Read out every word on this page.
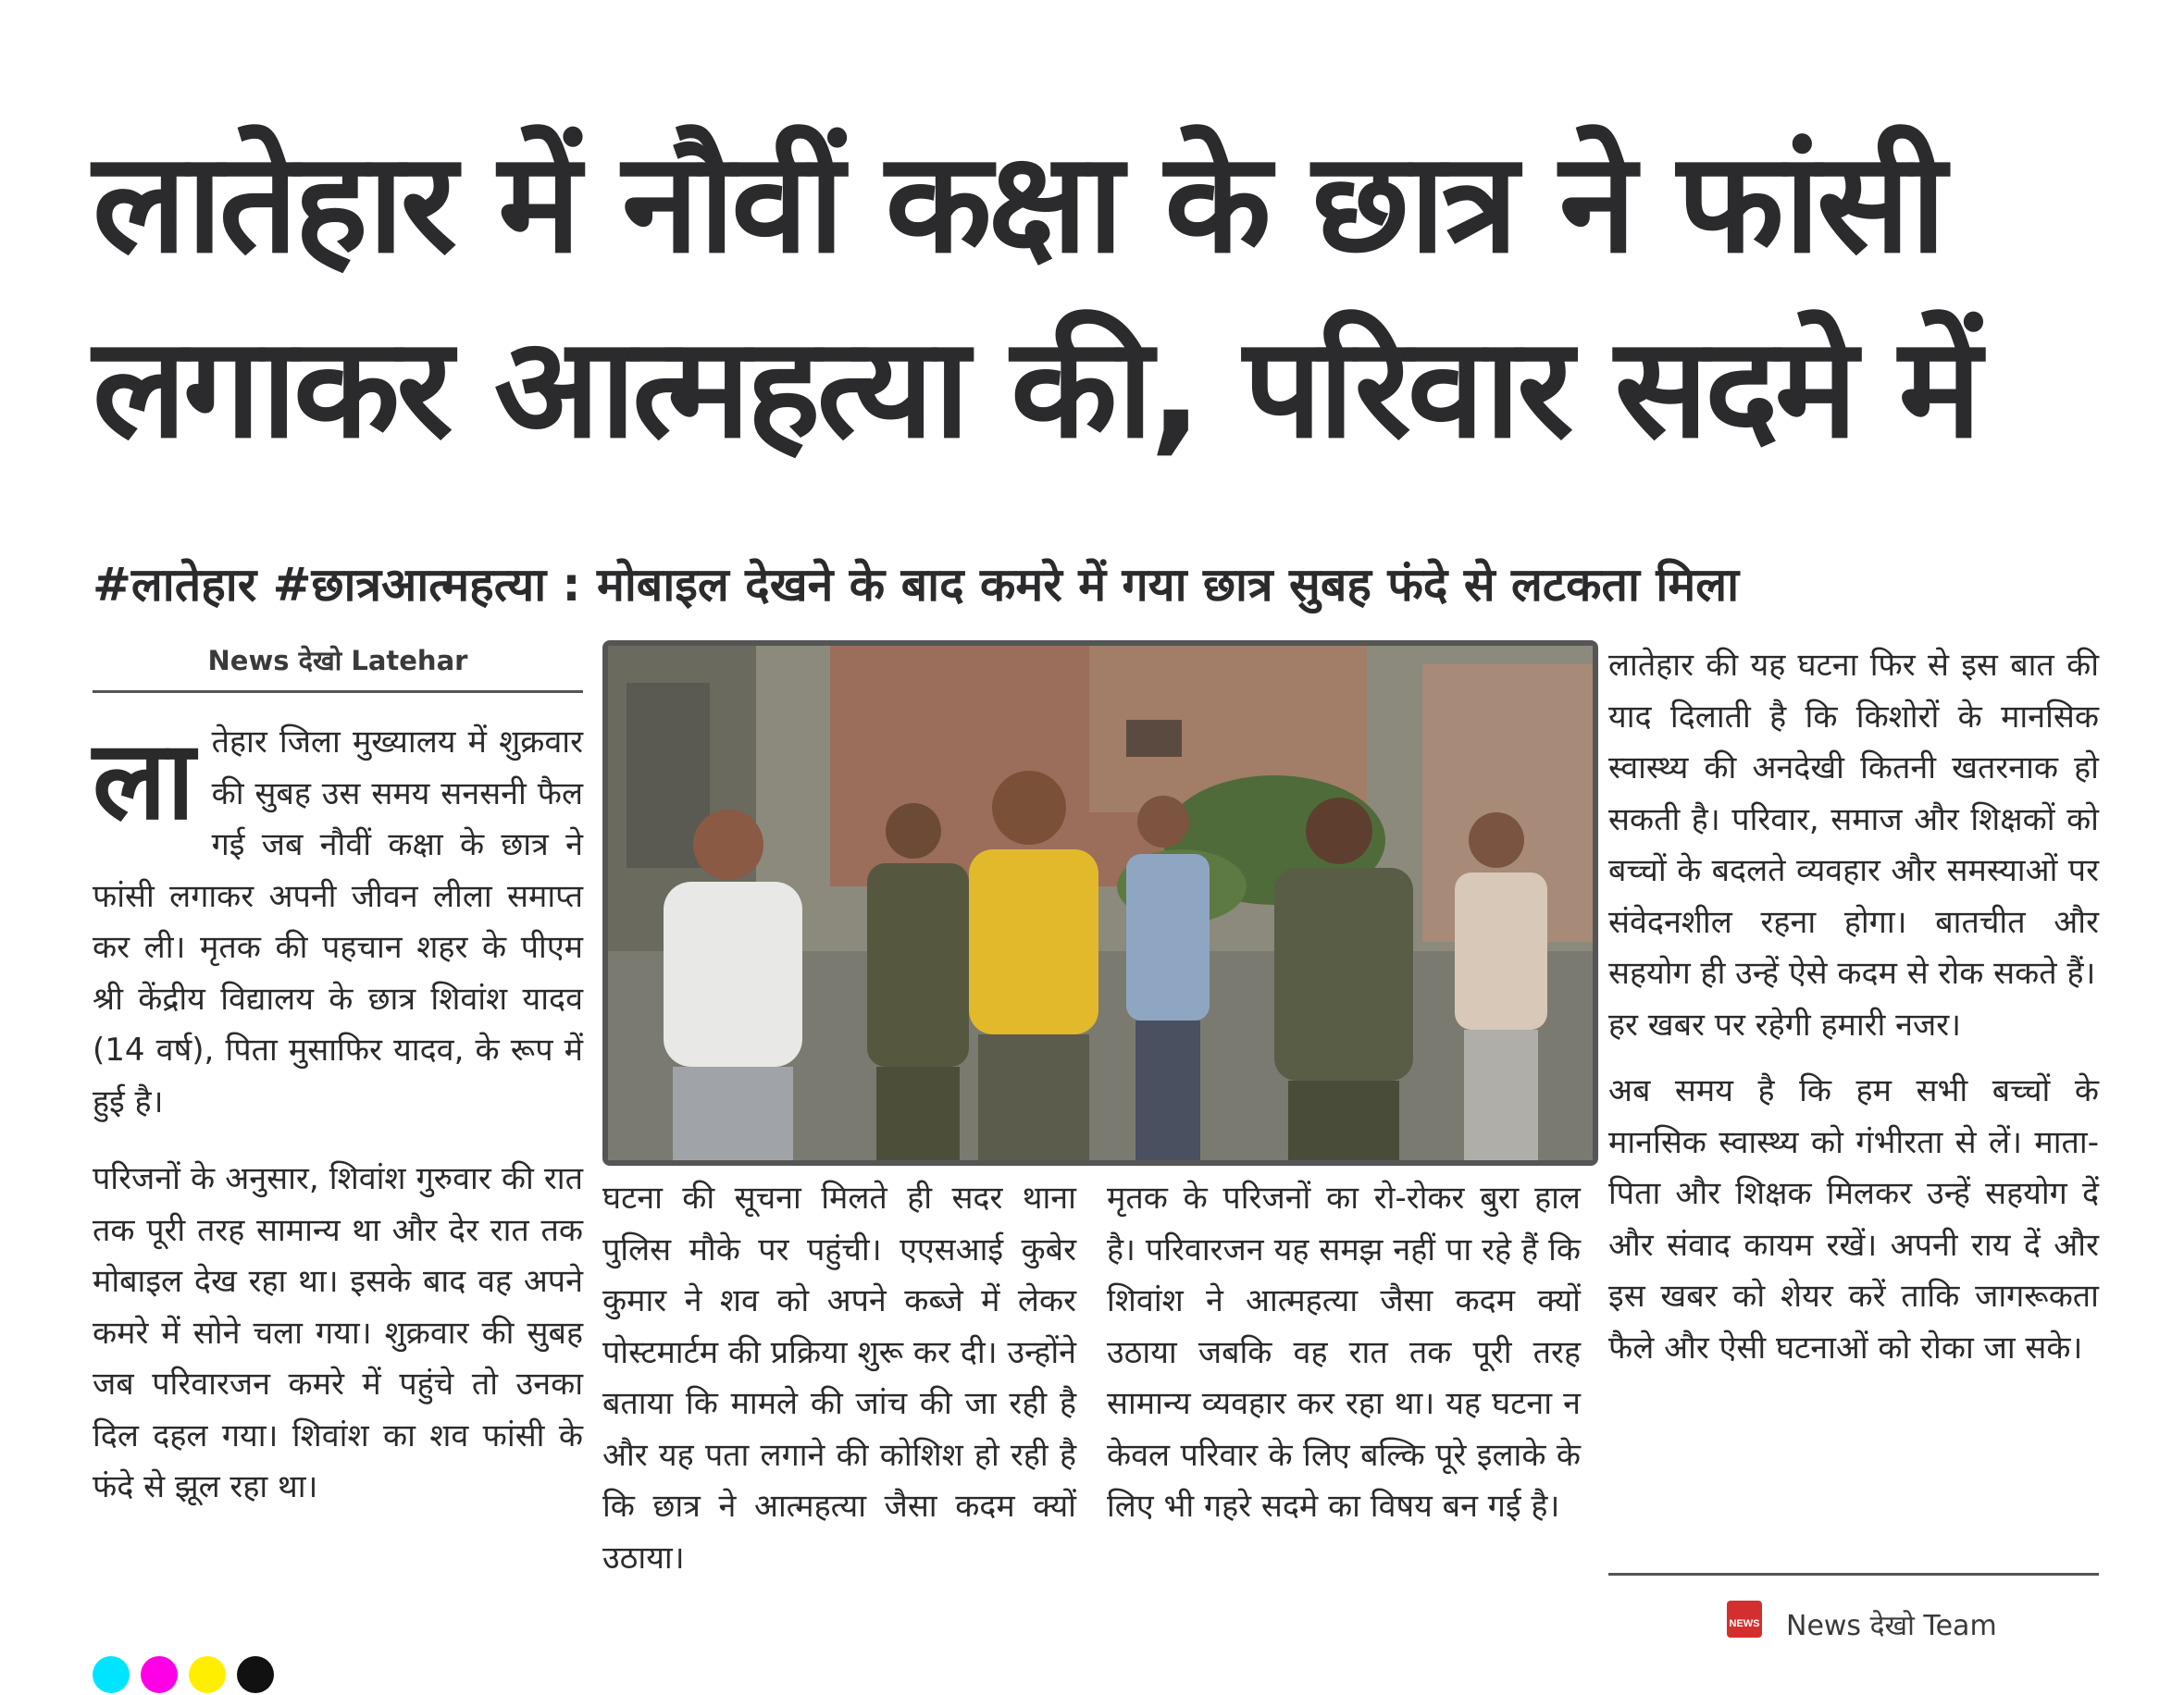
लातेहार में नौवीं कक्षा के छात्र ने फांसी
लगाकर आत्महत्या की, परिवार सदमे में
#लातेहार #छात्रआत्महत्या : मोबाइल देखने के बाद कमरे में गया छात्र सुबह फंदे से लटकता मिला
News देखो Latehar

लातेहार जिला मुख्यालय में शुक्रवार की सुबह उस समय सनसनी फैल गई जब नौवीं कक्षा के छात्र ने फांसी लगाकर अपनी जीवन लीला समाप्त कर ली। मृतक की पहचान शहर के पीएम श्री केंद्रीय विद्यालय के छात्र शिवांश यादव (14 वर्ष), पिता मुसाफिर यादव, के रूप में हुई है।

परिजनों के अनुसार, शिवांश गुरुवार की रात तक पूरी तरह सामान्य था और देर रात तक मोबाइल देख रहा था। इसके बाद वह अपने कमरे में सोने चला गया। शुक्रवार की सुबह जब परिवारजन कमरे में पहुंचे तो उनका दिल दहल गया। शिवांश का शव फांसी के फंदे से झूल रहा था।

घटना की सूचना मिलते ही सदर थाना पुलिस मौके पर पहुंची। एएसआई कुबेर कुमार ने शव को अपने कब्जे में लेकर पोस्टमार्टम की प्रक्रिया शुरू कर दी। उन्होंने बताया कि मामले की जांच की जा रही है और यह पता लगाने की कोशिश हो रही है कि छात्र ने आत्महत्या जैसा कदम क्यों उठाया।

मृतक के परिजनों का रो-रोकर बुरा हाल है। परिवारजन यह समझ नहीं पा रहे हैं कि शिवांश ने आत्महत्या जैसा कदम क्यों उठाया जबकि वह रात तक पूरी तरह सामान्य व्यवहार कर रहा था। यह घटना न केवल परिवार के लिए बल्कि पूरे इलाके के लिए भी गहरे सदमे का विषय बन गई है।

लातेहार की यह घटना फिर से इस बात की याद दिलाती है कि किशोरों के मानसिक स्वास्थ्य की अनदेखी कितनी खतरनाक हो सकती है। परिवार, समाज और शिक्षकों को बच्चों के बदलते व्यवहार और समस्याओं पर संवेदनशील रहना होगा। बातचीत और सहयोग ही उन्हें ऐसे कदम से रोक सकते हैं।

हर खबर पर रहेगी हमारी नजर।

अब समय है कि हम सभी बच्चों के मानसिक स्वास्थ्य को गंभीरता से लें। माता-पिता और शिक्षक मिलकर उन्हें सहयोग दें और संवाद कायम रखें। अपनी राय दें और इस खबर को शेयर करें ताकि जागरूकता फैले और ऐसी घटनाओं को रोका जा सके।

NEWS News देखो Team
